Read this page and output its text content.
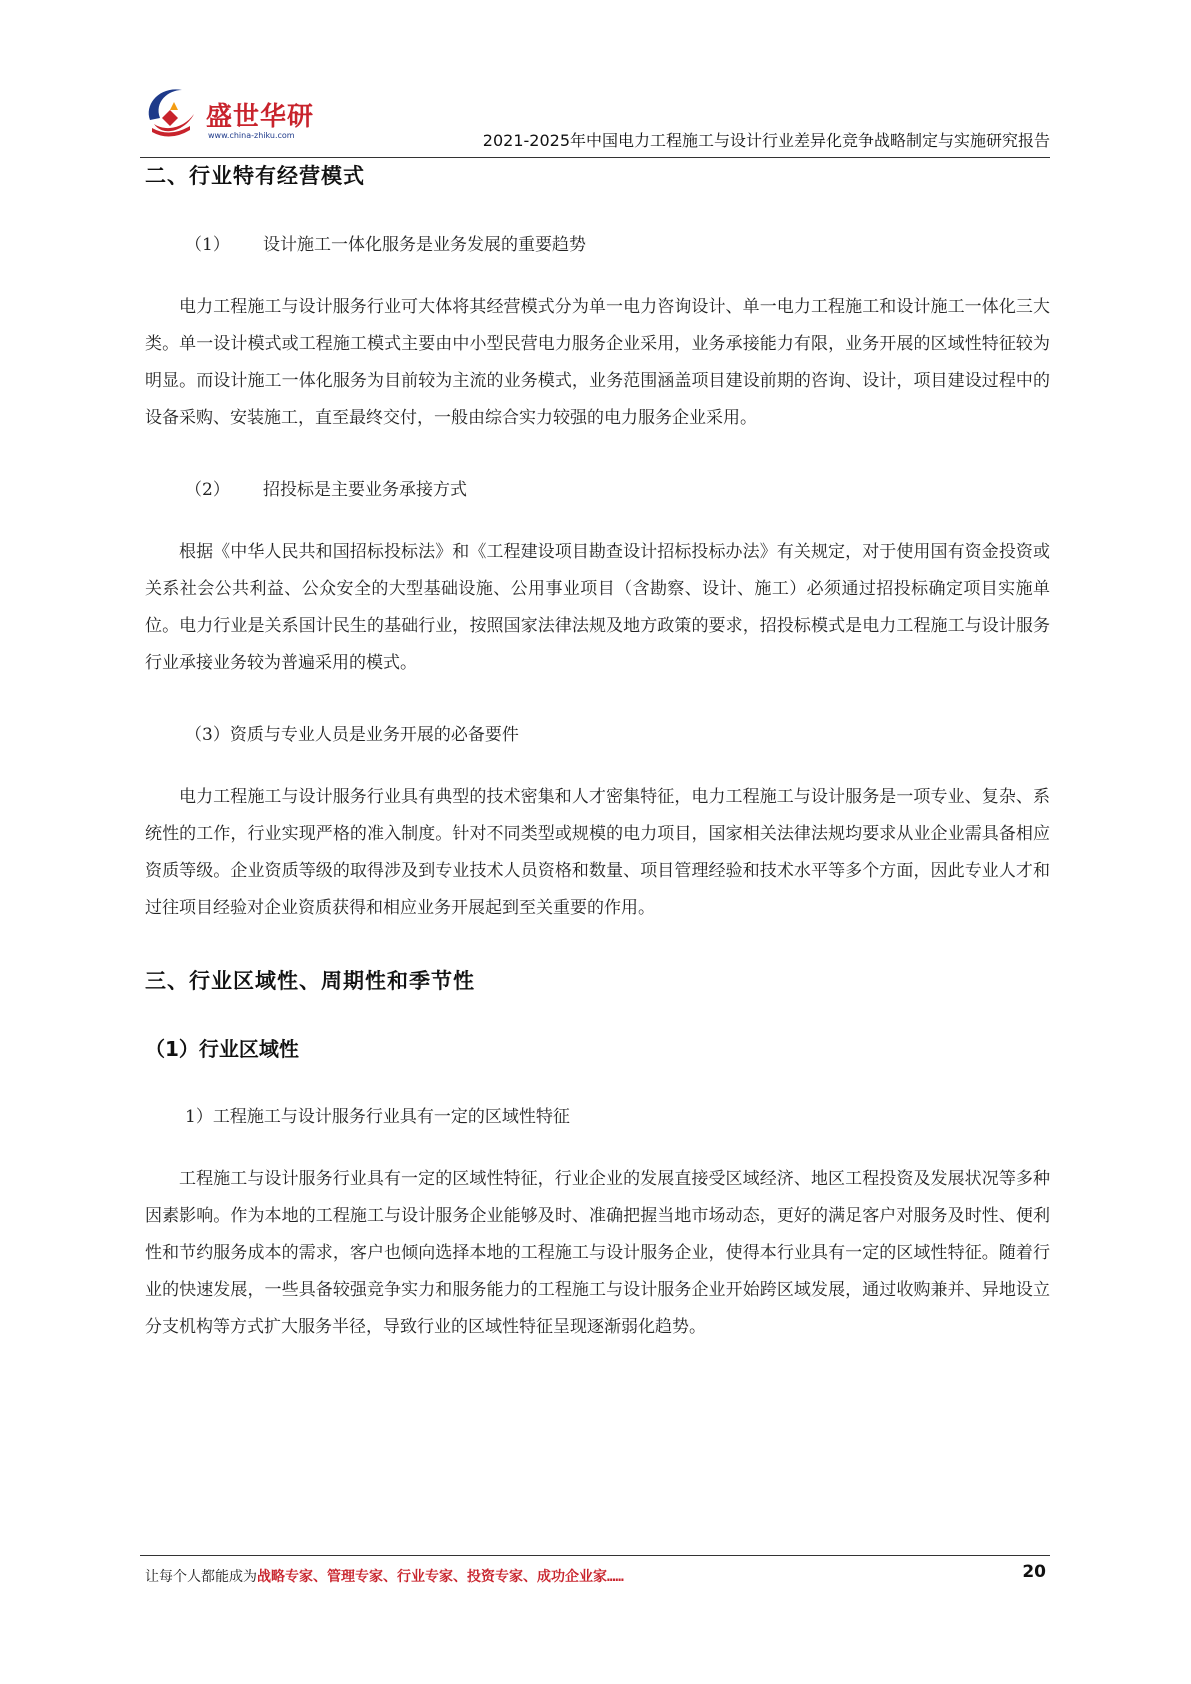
盛世华研
www.china-zhiku.com	2021-2025年中国电力工程施工与设计行业差异化竞争战略制定与实施研究报告
二、行业特有经营模式

（1） 设计施工一体化服务是业务发展的重要趋势

电力工程施工与设计服务行业可大体将其经营模式分为单一电力咨询设计、单一电力工程施工和设计施工一体化三大类。单一设计模式或工程施工模式主要由中小型民营电力服务企业采用，业务承接能力有限，业务开展的区域性特征较为明显。而设计施工一体化服务为目前较为主流的业务模式，业务范围涵盖项目建设前期的咨询、设计，项目建设过程中的设备采购、安装施工，直至最终交付，一般由综合实力较强的电力服务企业采用。

（2） 招投标是主要业务承接方式

根据《中华人民共和国招标投标法》和《工程建设项目勘查设计招标投标办法》有关规定，对于使用国有资金投资或关系社会公共利益、公众安全的大型基础设施、公用事业项目（含勘察、设计、施工）必须通过招投标确定项目实施单位。电力行业是关系国计民生的基础行业，按照国家法律法规及地方政策的要求，招投标模式是电力工程施工与设计服务行业承接业务较为普遍采用的模式。

（3）资质与专业人员是业务开展的必备要件

电力工程施工与设计服务行业具有典型的技术密集和人才密集特征，电力工程施工与设计服务是一项专业、复杂、系统性的工作，行业实现严格的准入制度。针对不同类型或规模的电力项目，国家相关法律法规均要求从业企业需具备相应资质等级。企业资质等级的取得涉及到专业技术人员资格和数量、项目管理经验和技术水平等多个方面，因此专业人才和过往项目经验对企业资质获得和相应业务开展起到至关重要的作用。

三、行业区域性、周期性和季节性
（1）行业区域性

1）工程施工与设计服务行业具有一定的区域性特征

工程施工与设计服务行业具有一定的区域性特征，行业企业的发展直接受区域经济、地区工程投资及发展状况等多种因素影响。作为本地的工程施工与设计服务企业能够及时、准确把握当地市场动态，更好的满足客户对服务及时性、便利性和节约服务成本的需求，客户也倾向选择本地的工程施工与设计服务企业，使得本行业具有一定的区域性特征。随着行业的快速发展，一些具备较强竞争实力和服务能力的工程施工与设计服务企业开始跨区域发展，通过收购兼并、异地设立分支机构等方式扩大服务半径，导致行业的区域性特征呈现逐渐弱化趋势。

让每个人都能成为战略专家、管理专家、行业专家、投资专家、成功企业家……	20
